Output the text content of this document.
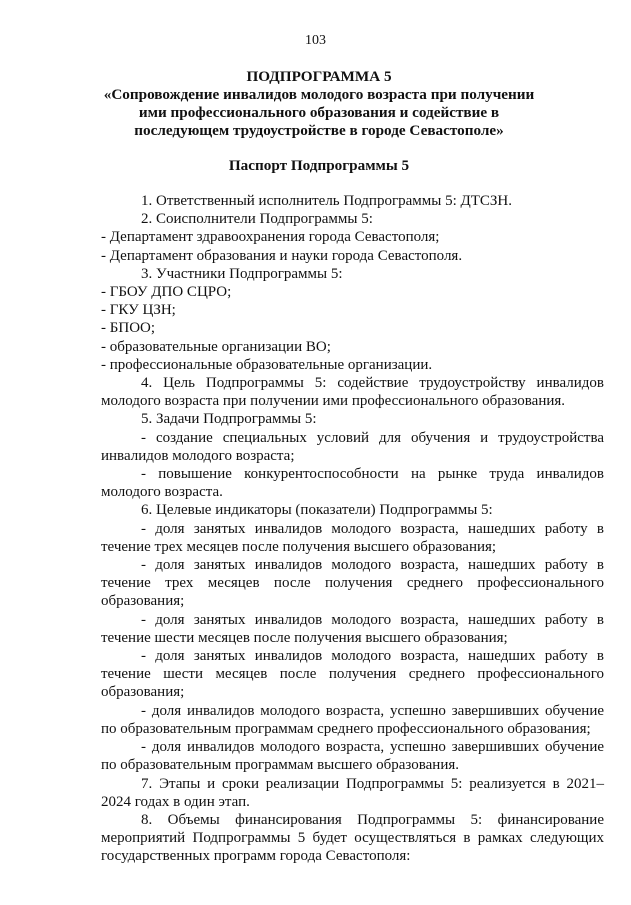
103
ПОДПРОГРАММА 5
«Сопровождение инвалидов молодого возраста при получении ими профессионального образования и содействие в последующем трудоустройстве в городе Севастополе»
Паспорт Подпрограммы 5

1. Ответственный исполнитель Подпрограммы 5: ДТСЗН.

2. Соисполнители Подпрограммы 5:

- Департамент здравоохранения города Севастополя;

- Департамент образования и науки города Севастополя.

3. Участники Подпрограммы 5:

- ГБОУ ДПО СЦРО;

- ГКУ ЦЗН;

- БПОО;

- образовательные организации ВО;

- профессиональные образовательные организации.

4. Цель Подпрограммы 5: содействие трудоустройству инвалидов молодого возраста при получении ими профессионального образования.

5. Задачи Подпрограммы 5:

- создание специальных условий для обучения и трудоустройства инвалидов молодого возраста;

- повышение конкурентоспособности на рынке труда инвалидов молодого возраста.

6. Целевые индикаторы (показатели) Подпрограммы 5:

- доля занятых инвалидов молодого возраста, нашедших работу в течение трех месяцев после получения высшего образования;

- доля занятых инвалидов молодого возраста, нашедших работу в течение трех месяцев после получения среднего профессионального образования;

- доля занятых инвалидов молодого возраста, нашедших работу в течение шести месяцев после получения высшего образования;

- доля занятых инвалидов молодого возраста, нашедших работу в течение шести месяцев после получения среднего профессионального образования;

- доля инвалидов молодого возраста, успешно завершивших обучение по образовательным программам среднего профессионального образования;

- доля инвалидов молодого возраста, успешно завершивших обучение по образовательным программам высшего образования.

7. Этапы и сроки реализации Подпрограммы 5: реализуется в 2021–2024 годах в один этап.

8. Объемы финансирования Подпрограммы 5: финансирование мероприятий Подпрограммы 5 будет осуществляться в рамках следующих государственных программ города Севастополя:
